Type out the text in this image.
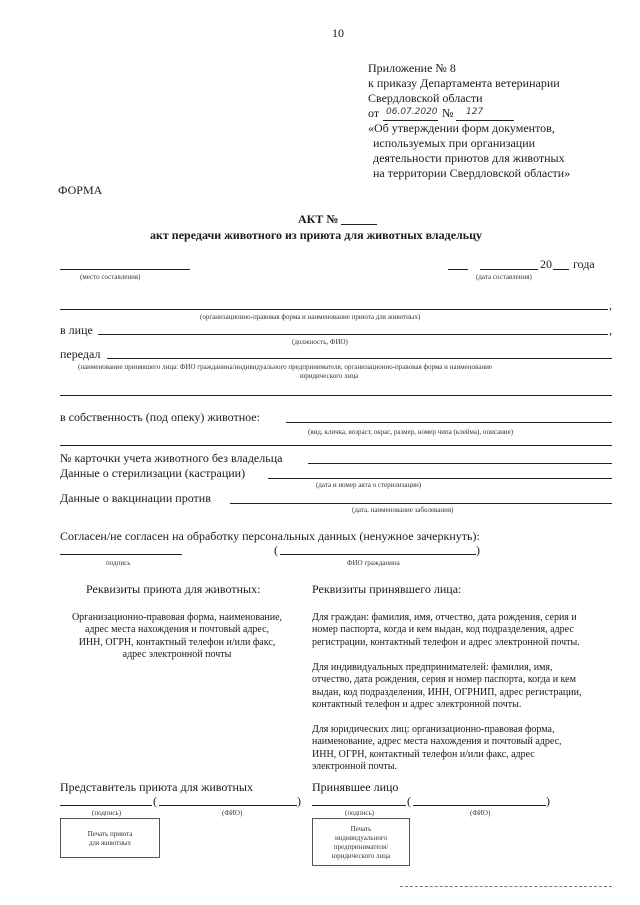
10
Приложение № 8
к приказу Департамента ветеринарии
Свердловской области
от 06.07.2020 № 127
«Об утверждении форм документов,
используемых при организации
деятельности приютов для животных
на территории Свердловской области»
ФОРМА
АКТ №
акт передачи животного из приюта для животных владельцу
(место составления)
20 года
(дата составления)
,
(организационно-правовая форма и наименование приюта для животных)
в лице	,
(должность, ФИО)
передал
(наименование принявшего лица: ФИО гражданина/индивидуального предпринимателя, организационно-правовая форма и наименование
юридического лица
в собственность (под опеку) животное:
(вид, кличка, возраст, окрас, размер, номер чипа (клейма), описание)
№ карточки учета животного без владельца
Данные о стерилизации (кастрации)
(дата и номер акта о стерилизации)
Данные о вакцинации против
(дата, наименование заболевания)
Согласен/не согласен на обработку персональных данных (ненужное зачеркнуть):
(	)
подпись	ФИО гражданина
Реквизиты приюта для животных:	Реквизиты принявшего лица:
Организационно-правовая форма, наименование,
адрес места нахождения и почтовый адрес,
ИНН, ОГРН, контактный телефон и/или факс,
адрес электронной почты
Для граждан: фамилия, имя, отчество, дата рождения, серия и
номер паспорта, когда и кем выдан, код подразделения, адрес
регистрации, контактный телефон и адрес электронной почты.
Для индивидуальных предпринимателей: фамилия, имя,
отчество, дата рождения, серия и номер паспорта, когда и кем
выдан, код подразделения, ИНН, ОГРНИП, адрес регистрации,
контактный телефон и адрес электронной почты.
Для юридических лиц: организационно-правовая форма,
наименование, адрес места нахождения и почтовый адрес,
ИНН, ОГРН, контактный телефон и/или факс, адрес
электронной почты.
Представитель приюта для животных	Принявшее лицо
(	)
(подпись)	(ФИО)
(	)
(подпись)	(ФИО)
Печать приюта
для животных
Печать
индивидуального
предпринимателя/
юридического лица
